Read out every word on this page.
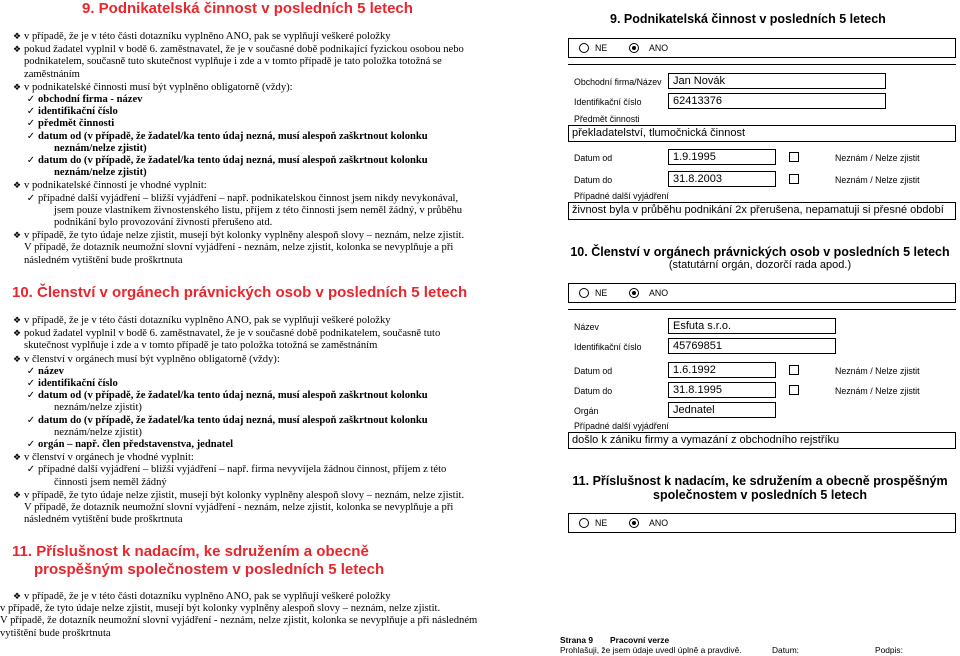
9. Podnikatelská činnost v posledních 5 letech
❖ v případě, že je v této části dotazníku vyplněno ANO, pak se vyplňují veškeré položky
❖ pokud žadatel vyplnil v bodě 6. zaměstnavatel, že je v současné době podnikající fyzickou osobou nebo
podnikatelem, současně tuto skutečnost vyplňuje i zde a v tomto případě je tato položka totožná se
zaměstnáním
❖ v podnikatelské činnosti musí být vyplněno obligatorně (vždy):
✓ obchodní firma - název
✓ identifikační číslo
✓ předmět činnosti
✓ datum od (v případě, že žadatel/ka tento údaj nezná, musí alespoň zaškrtnout kolonku
neznám/nelze zjistit)
✓ datum do (v případě, že žadatel/ka tento údaj nezná, musí alespoň zaškrtnout kolonku
neznám/nelze zjistit)
❖ v podnikatelské činnosti je vhodné vyplnit:
✓ případné další vyjádření – bližší vyjádření – např. podnikatelskou činnost jsem nikdy nevykonával,
jsem pouze vlastníkem živnostenského listu, příjem z této činnosti jsem neměl žádný, v průběhu
podnikání bylo provozování živnosti přerušeno atd.
❖ v případě, že tyto údaje nelze zjistit, musejí být kolonky vyplněny alespoň slovy – neznám, nelze zjistit.
V případě, že dotazník neumožní slovní vyjádření - neznám, nelze zjistit, kolonka se nevyplňuje a při
následném vytištění bude proškrtnuta
10. Členství v orgánech právnických osob v posledních 5 letech
❖ v případě, že je v této části dotazníku vyplněno ANO, pak se vyplňují veškeré položky
❖ pokud žadatel vyplnil v bodě 6. zaměstnavatel, že je v současné době podnikatelem, současně tuto
skutečnost vyplňuje i zde a v tomto případě je tato položka totožná se zaměstnáním
❖ v členství v orgánech musí být vyplněno obligatorně (vždy):
✓ název
✓ identifikační číslo
✓ datum od (v případě, že žadatel/ka tento údaj nezná, musí alespoň zaškrtnout kolonku
neznám/nelze zjistit)
✓ datum do (v případě, že žadatel/ka tento údaj nezná, musí alespoň zaškrtnout kolonku
neznám/nelze zjistit)
✓ orgán – např. člen představenstva, jednatel
❖ v členství v orgánech je vhodné vyplnit:
✓ případné další vyjádření – bližší vyjádření – např. firma nevyvíjela žádnou činnost, příjem z této
činnosti jsem neměl žádný
❖ v případě, že tyto údaje nelze zjistit, musejí být kolonky vyplněny alespoň slovy – neznám, nelze zjistit.
V případě, že dotazník neumožní slovní vyjádření - neznám, nelze zjistit, kolonka se nevyplňuje a při
následném vytištění bude proškrtnuta
11. Příslušnost k nadacím, ke sdružením a obecně
prospěšným společnostem v posledních 5 letech
❖ v případě, že je v této části dotazníku vyplněno ANO, pak se vyplňují veškeré položky
v případě, že tyto údaje nelze zjistit, musejí být kolonky vyplněny alespoň slovy – neznám, nelze zjistit.
V případě, že dotazník neumožní slovní vyjádření - neznám, nelze zjistit, kolonka se nevyplňuje a při následném
vytištění bude proškrtnuta
9. Podnikatelská činnost v posledních 5 letech
NE	ANO
Obchodní firma/Název	Jan Novák
Identifikační číslo	62413376
Předmět činnosti
překladatelství, tlumočnická činnost
Datum od	1.9.1995	Neznám / Nelze zjistit
Datum do	31.8.2003	Neznám / Nelze zjistit
Případné další vyjádření
živnost byla v průběhu podnikání 2x přerušena, nepamatuji si přesné období
10. Členství v orgánech právnických osob v posledních 5 letech
(statutární orgán, dozorčí rada apod.)
NE	ANO
Název	Esfuta s.r.o.
Identifikační číslo	45769851
Datum od	1.6.1992	Neznám / Nelze zjistit
Datum do	31.8.1995	Neznám / Nelze zjistit
Orgán	Jednatel
Případné další vyjádření
došlo k zániku firmy a vymazání z obchodního rejstříku
11. Příslušnost k nadacím, ke sdružením a obecně prospěšným
společnostem v posledních 5 letech
NE	ANO
Strana 9 Pracovní verze
Prohlašuji, že jsem údaje uvedl úplně a pravdivě.	Datum:	Podpis:
